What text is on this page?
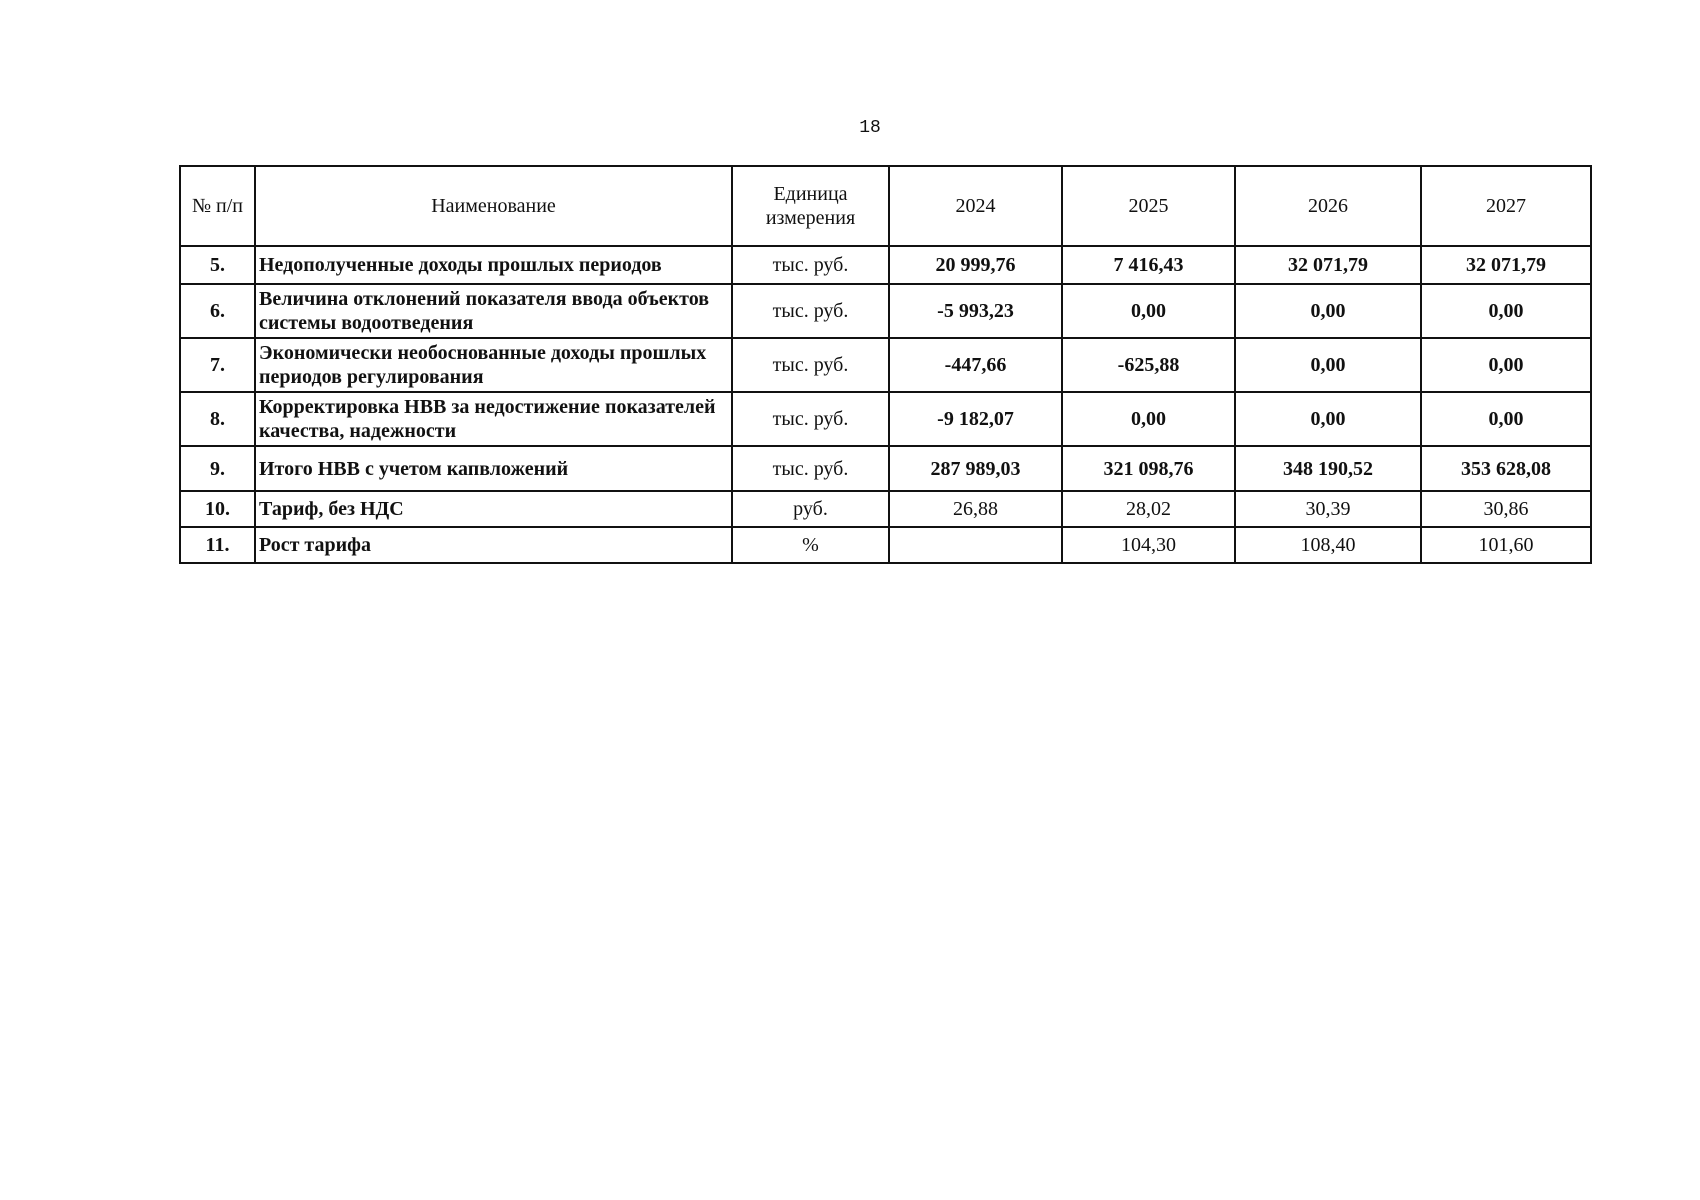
18
№ п/п	Наименование	Единица измерения	2024	2025	2026	2027
5.	Недополученные доходы прошлых периодов	тыс. руб.	20 999,76	7 416,43	32 071,79	32 071,79
6.	Величина отклонений показателя ввода объектов системы водоотведения	тыс. руб.	-5 993,23	0,00	0,00	0,00
7.	Экономически необоснованные доходы прошлых периодов регулирования	тыс. руб.	-447,66	-625,88	0,00	0,00
8.	Корректировка НВВ за недостижение показателей качества, надежности	тыс. руб.	-9 182,07	0,00	0,00	0,00
9.	Итого НВВ с учетом капвложений	тыс. руб.	287 989,03	321 098,76	348 190,52	353 628,08
10.	Тариф, без НДС	руб.	26,88	28,02	30,39	30,86
11.	Рост тарифа	%		104,30	108,40	101,60
